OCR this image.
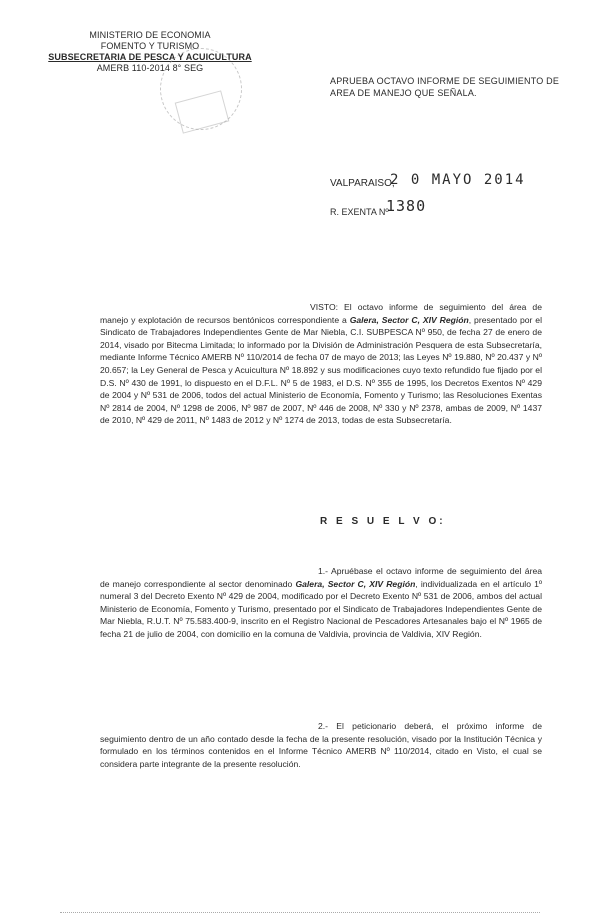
MINISTERIO DE ECONOMIA
FOMENTO Y TURISMO
SUBSECRETARIA DE PESCA Y ACUICULTURA
AMERB 110-2014 8° SEG
APRUEBA OCTAVO INFORME DE SEGUIMIENTO DE AREA DE MANEJO QUE SEÑALA.
VALPARAISO,
2 0 MAYO 2014
R. EXENTA Nº
1380
VISTO: El octavo informe de seguimiento del área de manejo y explotación de recursos bentónicos correspondiente a Galera, Sector C, XIV Región, presentado por el Sindicato de Trabajadores Independientes Gente de Mar Niebla, C.I. SUBPESCA Nº 950, de fecha 27 de enero de 2014, visado por Bitecma Limitada; lo informado por la División de Administración Pesquera de esta Subsecretaría, mediante Informe Técnico AMERB Nº 110/2014 de fecha 07 de mayo de 2013; las Leyes Nº 19.880, Nº 20.437 y Nº 20.657; la Ley General de Pesca y Acuicultura Nº 18.892 y sus modificaciones cuyo texto refundido fue fijado por el D.S. Nº 430 de 1991, lo dispuesto en el D.F.L. Nº 5 de 1983, el D.S. Nº 355 de 1995, los Decretos Exentos Nº 429 de 2004 y Nº 531 de 2006, todos del actual Ministerio de Economía, Fomento y Turismo; las Resoluciones Exentas Nº 2814 de 2004, Nº 1298 de 2006, Nº 987 de 2007, Nº 446 de 2008, Nº 330 y Nº 2378, ambas de 2009, Nº 1437 de 2010, Nº 429 de 2011, Nº 1483 de 2012 y Nº 1274 de 2013, todas de esta Subsecretaría.
R E S U E L V O:
1.- Apruébase el octavo informe de seguimiento del área de manejo correspondiente al sector denominado Galera, Sector C, XIV Región, individualizada en el artículo 1º numeral 3 del Decreto Exento Nº 429 de 2004, modificado por el Decreto Exento Nº 531 de 2006, ambos del actual Ministerio de Economía, Fomento y Turismo, presentado por el Sindicato de Trabajadores Independientes Gente de Mar Niebla, R.U.T. Nº 75.583.400-9, inscrito en el Registro Nacional de Pescadores Artesanales bajo el Nº 1965 de fecha 21 de julio de 2004, con domicilio en la comuna de Valdivia, provincia de Valdivia, XIV Región.
2.- El peticionario deberá, el próximo informe de seguimiento dentro de un año contado desde la fecha de la presente resolución, visado por la Institución Técnica y formulado en los términos contenidos en el Informe Técnico AMERB Nº 110/2014, citado en Visto, el cual se considera parte integrante de la presente resolución.
